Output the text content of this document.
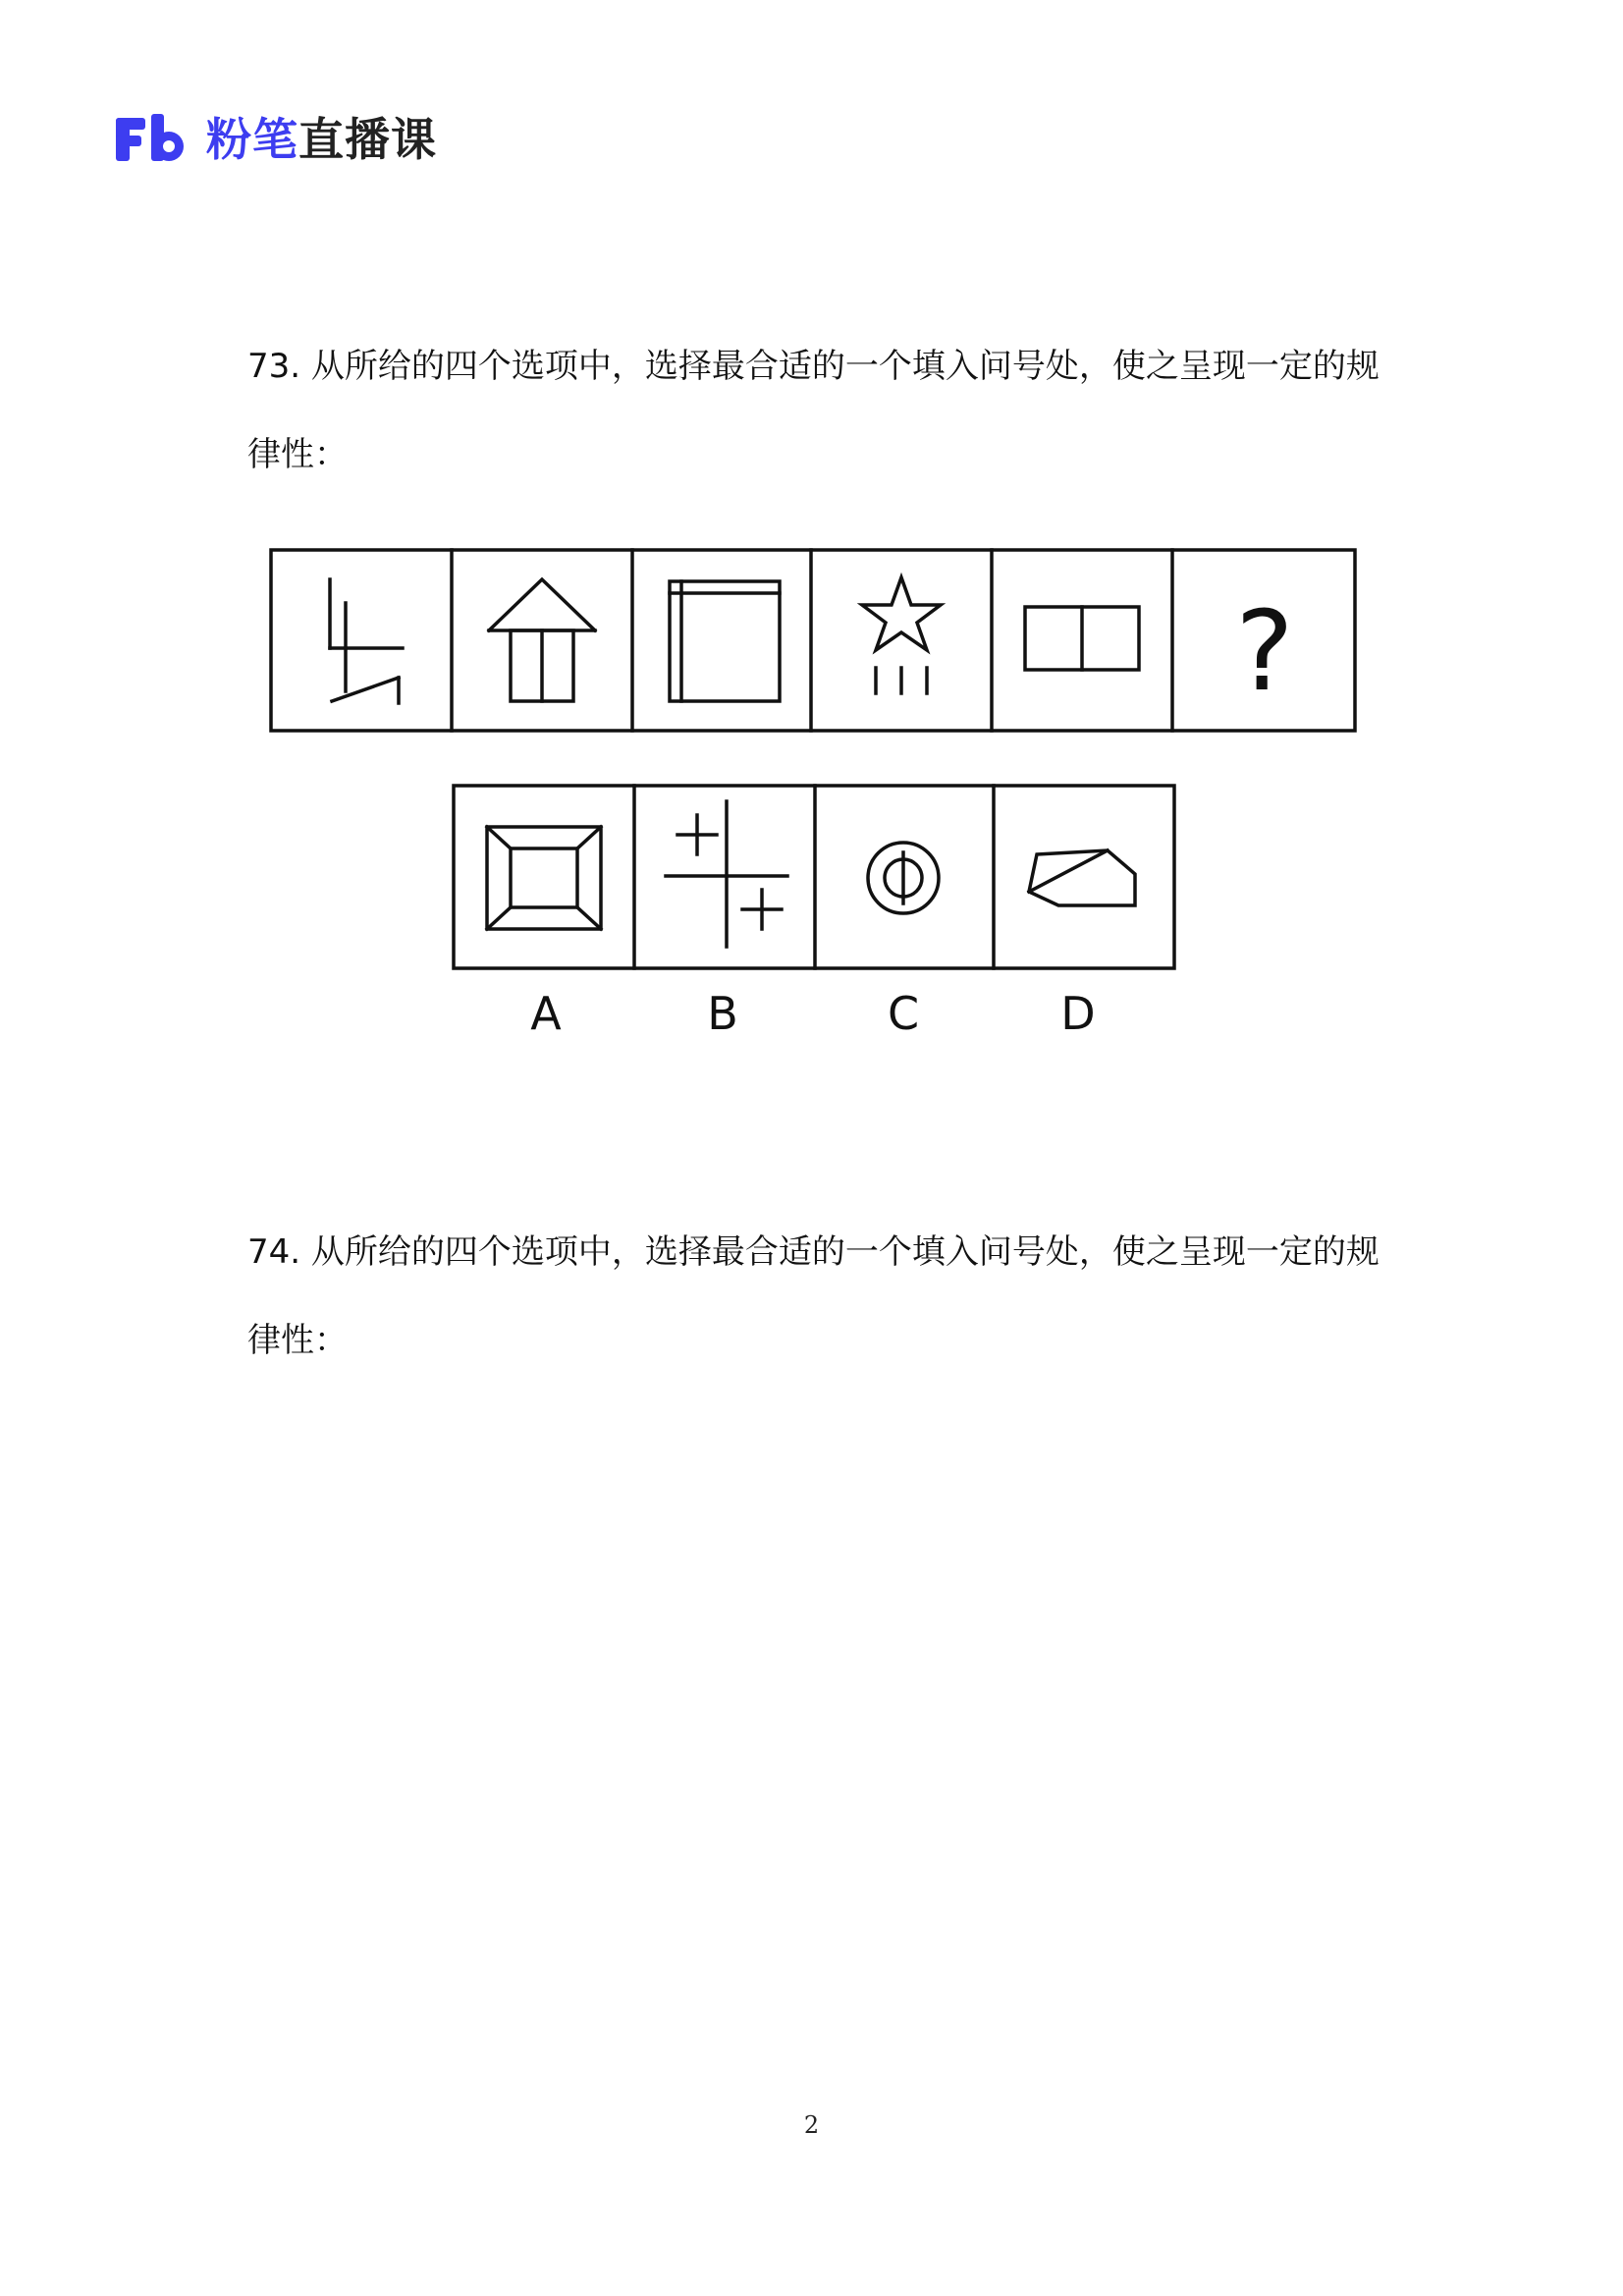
粉笔直播课
73. 从所给的四个选项中，选择最合适的一个填入问号处，使之呈现一定的规律性：
?
A	B	C	D
74. 从所给的四个选项中，选择最合适的一个填入问号处，使之呈现一定的规律性：
2
